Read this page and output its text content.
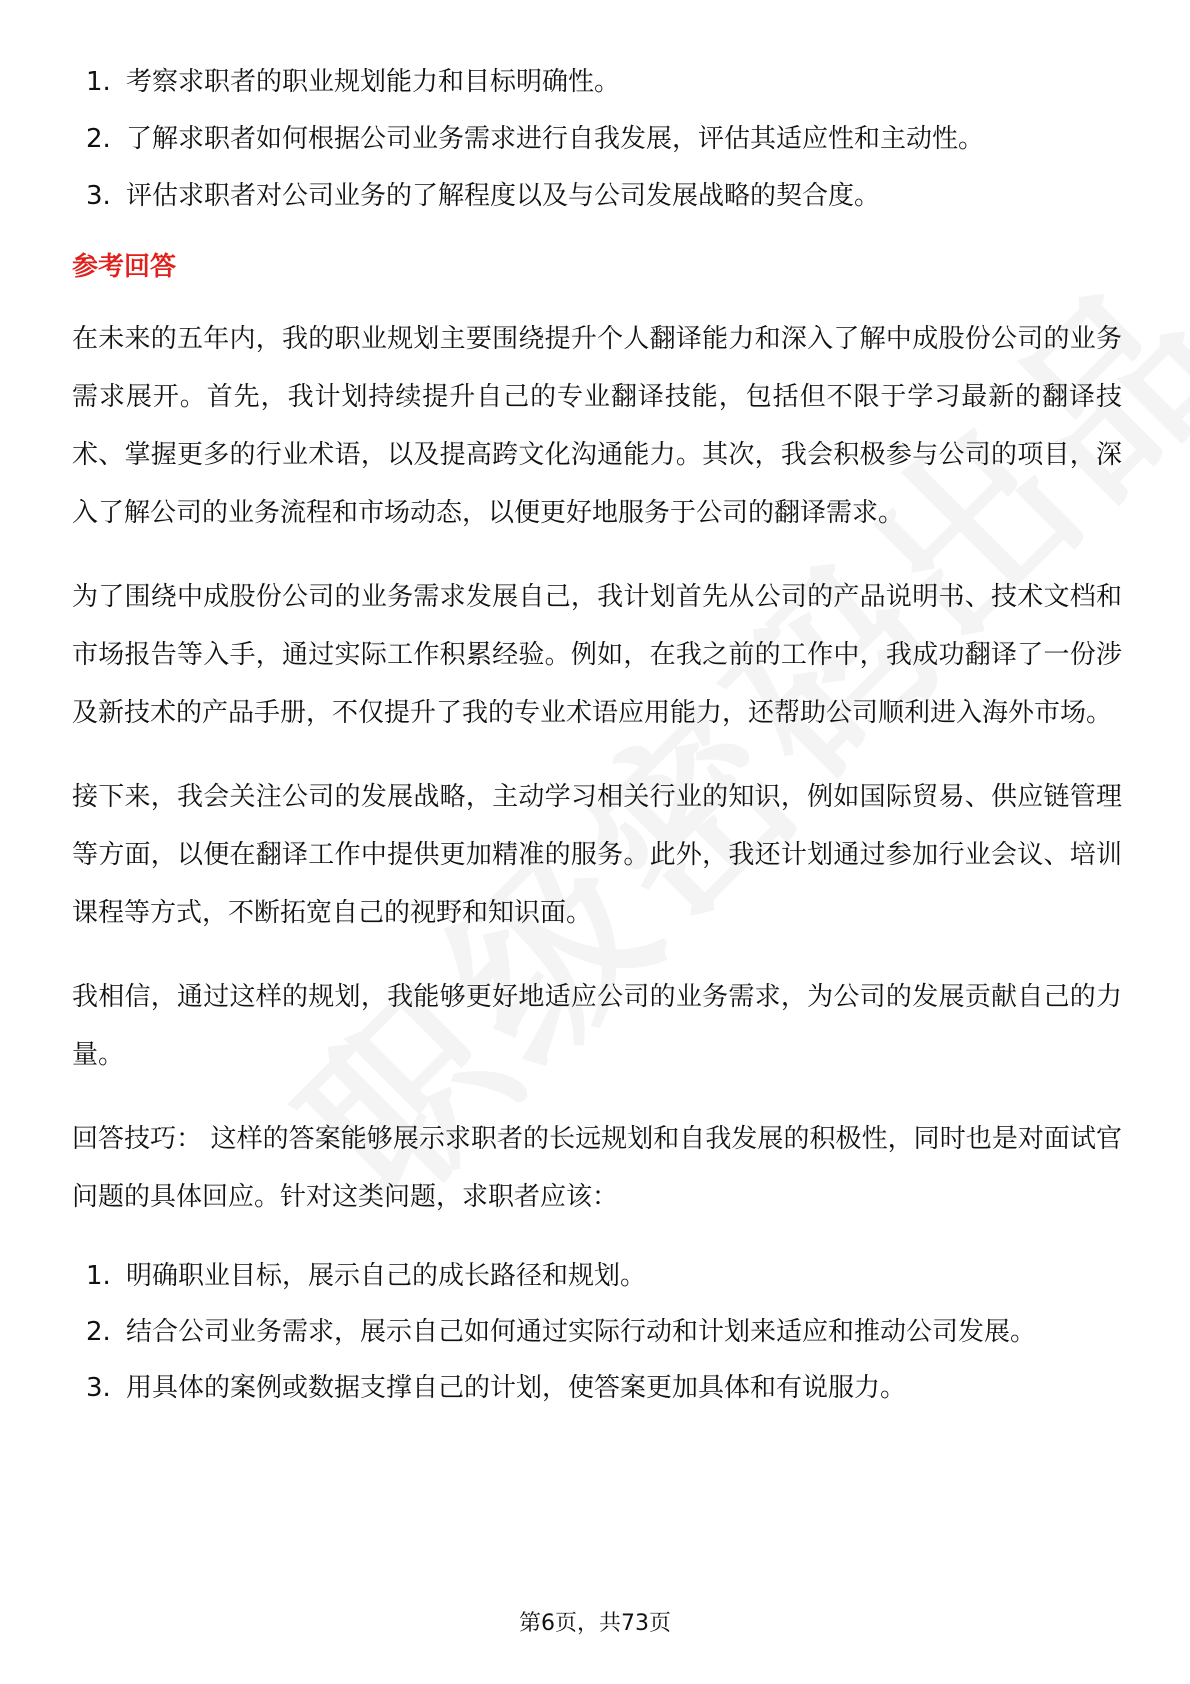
1. 考察求职者的职业规划能力和目标明确性。
2. 了解求职者如何根据公司业务需求进行自我发展，评估其适应性和主动性。
3. 评估求职者对公司业务的了解程度以及与公司发展战略的契合度。
参考回答

在未来的五年内，我的职业规划主要围绕提升个人翻译能力和深入了解中成股份公司的业务需求展开。首先，我计划持续提升自己的专业翻译技能，包括但不限于学习最新的翻译技术、掌握更多的行业术语，以及提高跨文化沟通能力。其次，我会积极参与公司的项目，深入了解公司的业务流程和市场动态，以便更好地服务于公司的翻译需求。

为了围绕中成股份公司的业务需求发展自己，我计划首先从公司的产品说明书、技术文档和市场报告等入手，通过实际工作积累经验。例如，在我之前的工作中，我成功翻译了一份涉及新技术的产品手册，不仅提升了我的专业术语应用能力，还帮助公司顺利进入海外市场。

接下来，我会关注公司的发展战略，主动学习相关行业的知识，例如国际贸易、供应链管理等方面，以便在翻译工作中提供更加精准的服务。此外，我还计划通过参加行业会议、培训课程等方式，不断拓宽自己的视野和知识面。

我相信，通过这样的规划，我能够更好地适应公司的业务需求，为公司的发展贡献自己的力量。

回答技巧： 这样的答案能够展示求职者的长远规划和自我发展的积极性，同时也是对面试官问题的具体回应。针对这类问题，求职者应该：

1. 明确职业目标，展示自己的成长路径和规划。
2. 结合公司业务需求，展示自己如何通过实际行动和计划来适应和推动公司发展。
3. 用具体的案例或数据支撑自己的计划，使答案更加具体和有说服力。
第6页，共73页
